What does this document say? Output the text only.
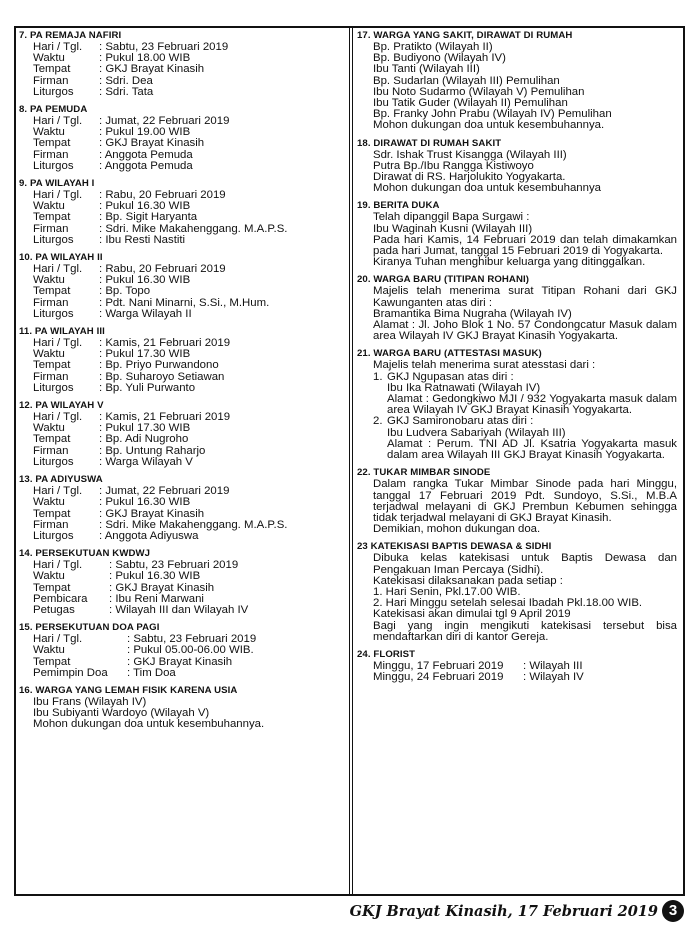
7. PA REMAJA NAFIRI
Hari / Tgl.	: Sabtu, 23 Februari 2019
Waktu	: Pukul 18.00 WIB
Tempat	: GKJ Brayat Kinasih
Firman	: Sdri. Dea
Liturgos	: Sdri. Tata
8. PA PEMUDA
Hari / Tgl.	: Jumat, 22 Februari 2019
Waktu	: Pukul 19.00 WIB
Tempat	: GKJ Brayat Kinasih
Firman	: Anggota Pemuda
Liturgos	: Anggota Pemuda
9. PA WILAYAH I
Hari / Tgl.	: Rabu, 20 Februari 2019
Waktu	: Pukul 16.30 WIB
Tempat	: Bp. Sigit Haryanta
Firman	: Sdri. Mike Makahenggang. M.A.P.S.
Liturgos	: Ibu Resti Nastiti
10. PA WILAYAH II
Hari / Tgl.	: Rabu, 20 Februari 2019
Waktu	: Pukul 16.30 WIB
Tempat	: Bp. Topo
Firman	: Pdt. Nani Minarni, S.Si., M.Hum.
Liturgos	: Warga Wilayah II
11. PA WILAYAH III
Hari / Tgl.	: Kamis, 21 Februari 2019
Waktu	: Pukul 17.30 WIB
Tempat	: Bp. Priyo Purwandono
Firman	: Bp. Suharoyo Setiawan
Liturgos	: Bp. Yuli Purwanto
12. PA WILAYAH V
Hari / Tgl.	: Kamis, 21 Februari 2019
Waktu	: Pukul 17.30 WIB
Tempat	: Bp. Adi Nugroho
Firman	: Bp. Untung Raharjo
Liturgos	: Warga Wilayah V
13. PA ADIYUSWA
Hari / Tgl.	: Jumat, 22 Februari 2019
Waktu	: Pukul 16.30 WIB
Tempat	: GKJ Brayat Kinasih
Firman	: Sdri. Mike Makahenggang. M.A.P.S.
Liturgos	: Anggota Adiyuswa
14. PERSEKUTUAN KWDWJ
Hari / Tgl.	: Sabtu, 23 Februari 2019
Waktu	: Pukul 16.30 WIB
Tempat	: GKJ Brayat Kinasih
Pembicara	: Ibu Reni Marwani
Petugas	: Wilayah III dan Wilayah IV
15. PERSEKUTUAN DOA PAGI
Hari / Tgl.	: Sabtu, 23 Februari 2019
Waktu	: Pukul 05.00-06.00 WIB.
Tempat	: GKJ Brayat Kinasih
Pemimpin Doa	: Tim Doa
16. WARGA YANG LEMAH FISIK KARENA USIA
Ibu Frans (Wilayah IV)
Ibu Subiyanti Wardoyo (Wilayah V)
Mohon dukungan doa untuk kesembuhannya.
17. WARGA YANG SAKIT, DIRAWAT DI RUMAH
Bp. Pratikto (Wilayah II)
Bp. Budiyono (Wilayah IV)
Ibu Tanti (Wilayah III)
Bp. Sudarlan (Wilayah III) Pemulihan
Ibu Noto Sudarmo (Wilayah V) Pemulihan
Ibu Tatik Guder (Wilayah II) Pemulihan
Bp. Franky John Prabu (Wilayah IV) Pemulihan
Mohon dukungan doa untuk kesembuhannya.
18. DIRAWAT DI RUMAH SAKIT
Sdr. Ishak Trust Kisangga (Wilayah III)
Putra Bp./Ibu Rangga Kistiwoyo
Dirawat di RS. Harjolukito Yogyakarta.
Mohon dukungan doa untuk kesembuhannya
19. BERITA DUKA
Telah dipanggil Bapa Surgawi :
Ibu Waginah Kusni (Wilayah III)
Pada hari Kamis, 14 Februari 2019 dan telah dimakamkan pada hari Jumat, tanggal 15 Februari 2019 di Yogyakarta.
Kiranya Tuhan menghibur keluarga yang ditinggalkan.
20. WARGA BARU (TITIPAN ROHANI)
Majelis telah menerima surat Titipan Rohani dari GKJ Kawunganten atas diri :
Bramantika Bima Nugraha (Wilayah IV)
Alamat : Jl. Joho Blok 1 No. 57 Condongcatur Masuk dalam area Wilayah IV GKJ Brayat Kinasih Yogyakarta.
21. WARGA BARU (ATTESTASI MASUK)
Majelis telah menerima surat atesstasi dari :
1. GKJ Ngupasan atas diri :
Ibu Ika Ratnawati (Wilayah IV)
Alamat : Gedongkiwo MJI / 932 Yogyakarta masuk dalam area Wilayah IV GKJ Brayat Kinasih Yogyakarta.
2. GKJ Samironobaru atas diri :
Ibu Ludvera Sabariyah (Wilayah III)
Alamat : Perum. TNI AD Jl. Ksatria Yogyakarta masuk dalam area Wilayah III GKJ Brayat Kinasih Yogyakarta.
22. TUKAR MIMBAR SINODE
Dalam rangka Tukar Mimbar Sinode pada hari Minggu, tanggal 17 Februari 2019 Pdt. Sundoyo, S.Si., M.B.A terjadwal melayani di GKJ Prembun Kebumen sehingga tidak terjadwal melayani di GKJ Brayat Kinasih.
Demikian, mohon dukungan doa.
23 KATEKISASI BAPTIS DEWASA & SIDHI
Dibuka kelas katekisasi untuk Baptis Dewasa dan Pengakuan Iman Percaya (Sidhi).
Katekisasi dilaksanakan pada setiap :
1. Hari Senin, Pkl.17.00 WIB.
2. Hari Minggu setelah selesai Ibadah Pkl.18.00 WIB.
Katekisasi akan dimulai tgl 9 April 2019
Bagi yang ingin mengikuti katekisasi tersebut bisa mendaftarkan diri di kantor Gereja.
24. FLORIST
Minggu, 17 Februari 2019	: Wilayah III
Minggu, 24 Februari 2019	: Wilayah IV
GKJ Brayat Kinasih, 17 Februari 2019 3
